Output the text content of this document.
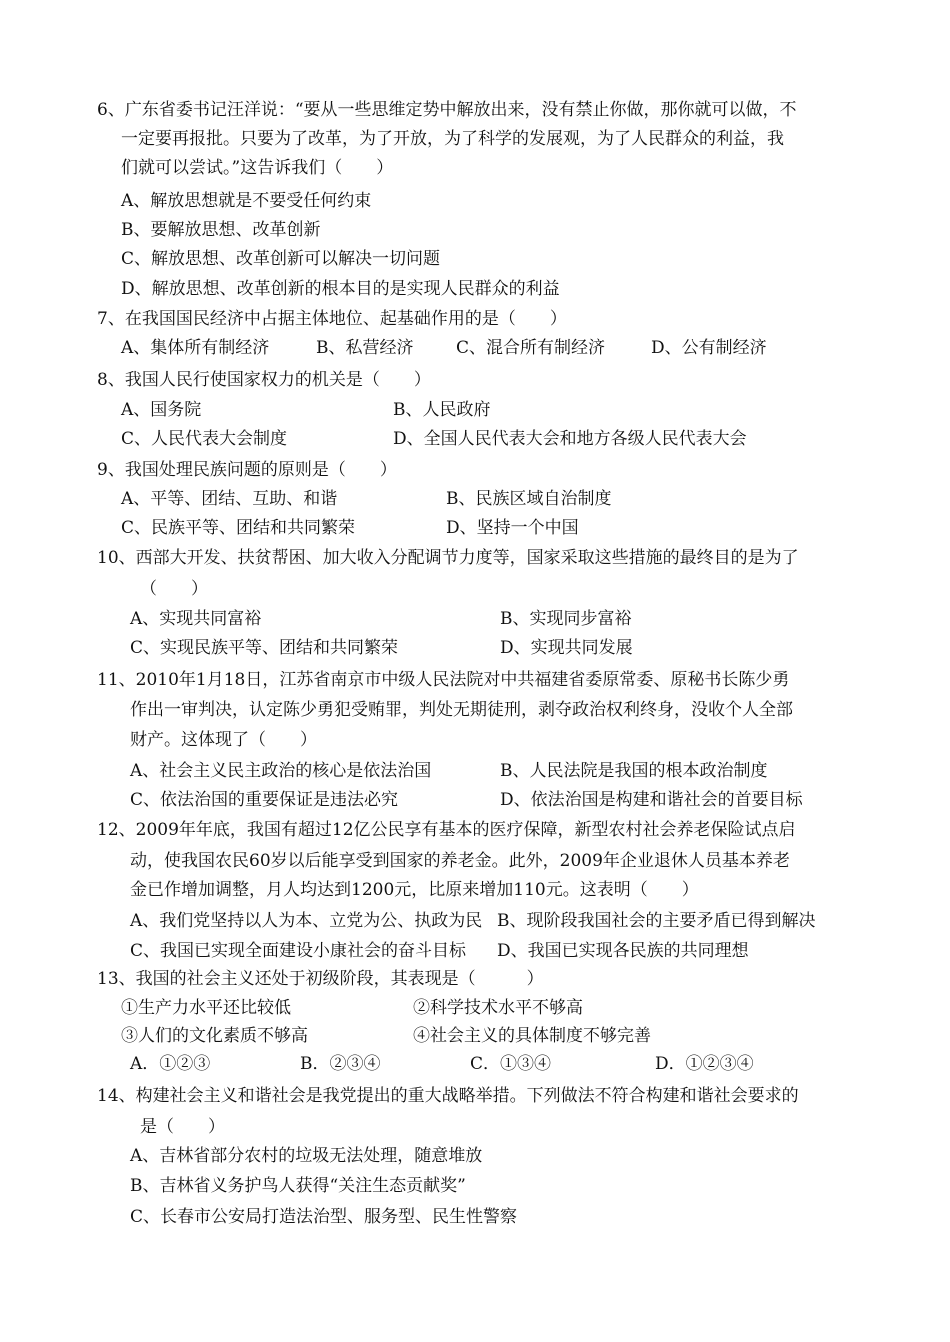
6、广东省委书记汪洋说：“要从一些思维定势中解放出来，没有禁止你做，那你就可以做，不
一定要再报批。只要为了改革，为了开放，为了科学的发展观，为了人民群众的利益，我
们就可以尝试。”这告诉我们（　　）
A、解放思想就是不要受任何约束
B、要解放思想、改革创新
C、解放思想、改革创新可以解决一切问题
D、解放思想、改革创新的根本目的是实现人民群众的利益
7、在我国国民经济中占据主体地位、起基础作用的是（　　）
A、集体所有制经济	B、私营经济	C、混合所有制经济	D、公有制经济
8、我国人民行使国家权力的机关是（　　）
A、国务院	B、人民政府
C、人民代表大会制度	D、全国人民代表大会和地方各级人民代表大会
9、我国处理民族问题的原则是（　　）
A、平等、团结、互助、和谐	B、民族区域自治制度
C、民族平等、团结和共同繁荣	D、坚持一个中国
10、西部大开发、扶贫帮困、加大收入分配调节力度等，国家采取这些措施的最终目的是为了
（　　）
A、实现共同富裕	B、实现同步富裕
C、实现民族平等、团结和共同繁荣	D、实现共同发展
11、2010年1月18日，江苏省南京市中级人民法院对中共福建省委原常委、原秘书长陈少勇
作出一审判决，认定陈少勇犯受贿罪，判处无期徒刑，剥夺政治权利终身，没收个人全部
财产。这体现了（　　）
A、社会主义民主政治的核心是依法治国	B、人民法院是我国的根本政治制度
C、依法治国的重要保证是违法必究	D、依法治国是构建和谐社会的首要目标
12、2009年年底，我国有超过12亿公民享有基本的医疗保障，新型农村社会养老保险试点启
动，使我国农民60岁以后能享受到国家的养老金。此外，2009年企业退休人员基本养老
金已作增加调整，月人均达到1200元，比原来增加110元。这表明（　　）
A、我们党坚持以人为本、立党为公、执政为民 B、现阶段我国社会的主要矛盾已得到解决
C、我国已实现全面建设小康社会的奋斗目标 D、我国已实现各民族的共同理想
13、我国的社会主义还处于初级阶段，其表现是（　　　）
①生产力水平还比较低	②科学技术水平不够高
③人们的文化素质不够高	④社会主义的具体制度不够完善
A．①②③	B．②③④	C．①③④	D．①②③④
14、构建社会主义和谐社会是我党提出的重大战略举措。下列做法不符合构建和谐社会要求的
是（　　）
A、吉林省部分农村的垃圾无法处理，随意堆放
B、吉林省义务护鸟人获得“关注生态贡献奖”
C、长春市公安局打造法治型、服务型、民生性警察
